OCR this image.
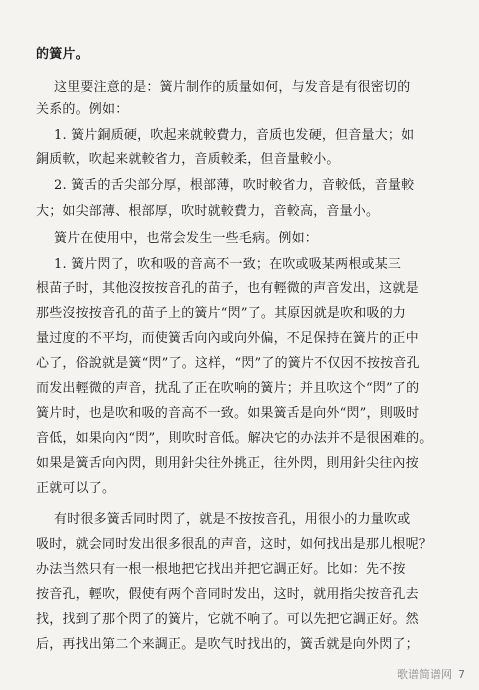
的簧片。
这里要注意的是：簧片制作的质量如何，与发音是有很密切的
关系的。例如：
1. 簧片銅质硬，吹起来就較費力，音质也发硬，但音量大；如
銅质軟，吹起来就較省力，音质較柔，但音量較小。
2. 簧舌的舌尖部分厚，根部薄，吹时較省力，音較低，音量較
大；如尖部薄、根部厚，吹时就較費力，音較高，音量小。
簧片在使用中，也常会发生一些毛病。例如：
1. 簧片閃了，吹和吸的音高不一致；在吹或吸某两根或某三
根苗子时，其他沒按按音孔的苗子，也有輕微的声音发出，这就是
那些沒按按音孔的苗子上的簧片“閃”了。其原因就是吹和吸的力
量过度的不平均，而使簧舌向內或向外偏，不足保持在簧片的正中
心了，俗說就是簧“閃”了。这样，“閃”了的簧片不仅因不按按音孔
而发出輕微的声音，扰乱了正在吹响的簧片；并且吹这个“閃”了的
簧片时，也是吹和吸的音高不一致。如果簧舌是向外“閃”，則吸时
音低，如果向內“閃”，則吹时音低。解决它的办法并不是很困难的。
如果是簧舌向內閃，則用針尖往外挑正，往外閃，則用針尖往內按
正就可以了。
有时很多簧舌同时閃了，就是不按按音孔，用很小的力量吹或
吸时，就会同时发出很多很乱的声音，这时，如何找出是那儿根呢？
办法当然只有一根一根地把它找出并把它調正好。比如：先不按
按音孔，輕吹，假使有两个音同时发出，这时，就用指尖按音孔去
找，找到了那个閃了的簧片，它就不响了。可以先把它調正好。然
后，再找出第二个来調正。是吹气时找出的，簧舌就是向外閃了；
歌谱简谱网 7
